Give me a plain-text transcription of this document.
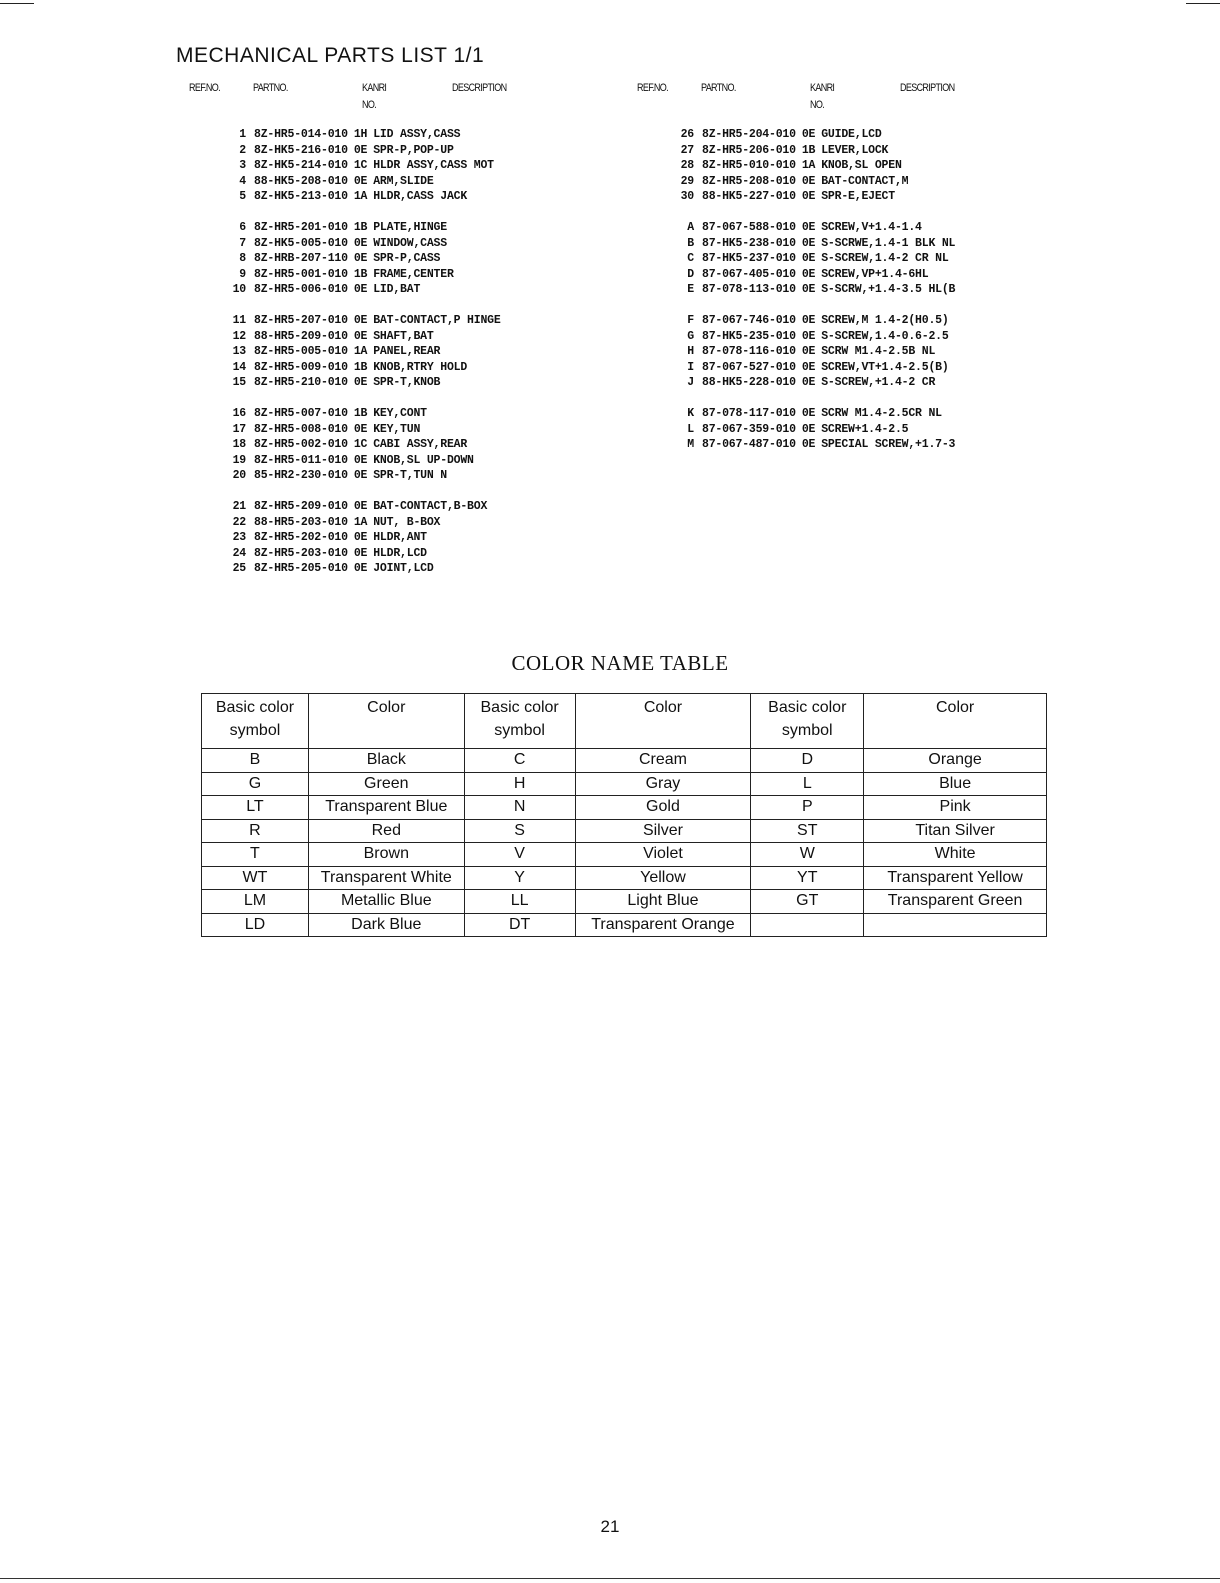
MECHANICAL PARTS LIST 1/1
REF.NO.	PARTNO.	KANRI
NO.
DESCRIPTION	REF.NO.	PARTNO.	KANRI
NO.
DESCRIPTION
1 8Z-HR5-014-010 1H LID ASSY,CASS
2 8Z-HK5-216-010 0E SPR-P,POP-UP
3 8Z-HK5-214-010 1C HLDR ASSY,CASS MOT
4 88-HK5-208-010 0E ARM,SLIDE
5 8Z-HK5-213-010 1A HLDR,CASS JACK
6 8Z-HR5-201-010 1B PLATE,HINGE
7 8Z-HK5-005-010 0E WINDOW,CASS
8 8Z-HRB-207-110 0E SPR-P,CASS
9 8Z-HR5-001-010 1B FRAME,CENTER
10 8Z-HR5-006-010 0E LID,BAT
11 8Z-HR5-207-010 0E BAT-CONTACT,P HINGE
12 88-HR5-209-010 0E SHAFT,BAT
13 8Z-HR5-005-010 1A PANEL,REAR
14 8Z-HR5-009-010 1B KNOB,RTRY HOLD
15 8Z-HR5-210-010 0E SPR-T,KNOB
16 8Z-HR5-007-010 1B KEY,CONT
17 8Z-HR5-008-010 0E KEY,TUN
18 8Z-HR5-002-010 1C CABI ASSY,REAR
19 8Z-HR5-011-010 0E KNOB,SL UP-DOWN
20 85-HR2-230-010 0E SPR-T,TUN N
21 8Z-HR5-209-010 0E BAT-CONTACT,B-BOX
22 88-HR5-203-010 1A NUT, B-BOX
23 8Z-HR5-202-010 0E HLDR,ANT
24 8Z-HR5-203-010 0E HLDR,LCD
25 8Z-HR5-205-010 0E JOINT,LCD
26 8Z-HR5-204-010 0E GUIDE,LCD
27 8Z-HR5-206-010 1B LEVER,LOCK
28 8Z-HR5-010-010 1A KNOB,SL OPEN
29 8Z-HR5-208-010 0E BAT-CONTACT,M
30 88-HK5-227-010 0E SPR-E,EJECT
A 87-067-588-010 0E SCREW,V+1.4-1.4
B 87-HK5-238-010 0E S-SCRWE,1.4-1 BLK NL
C 87-HK5-237-010 0E S-SCREW,1.4-2 CR NL
D 87-067-405-010 0E SCREW,VP+1.4-6HL
E 87-078-113-010 0E S-SCRW,+1.4-3.5 HL(B
F 87-067-746-010 0E SCREW,M 1.4-2(H0.5)
G 87-HK5-235-010 0E S-SCREW,1.4-0.6-2.5
H 87-078-116-010 0E SCRW M1.4-2.5B NL
I 87-067-527-010 0E SCREW,VT+1.4-2.5(B)
J 88-HK5-228-010 0E S-SCREW,+1.4-2 CR
K 87-078-117-010 0E SCRW M1.4-2.5CR NL
L 87-067-359-010 0E SCREW+1.4-2.5
M 87-067-487-010 0E SPECIAL SCREW,+1.7-3
COLOR NAME TABLE
Basic color symbol	Color	Basic color symbol	Color	Basic color symbol	Color
B	Black	C	Cream	D	Orange
G	Green	H	Gray	L	Blue
LT	Transparent Blue	N	Gold	P	Pink
R	Red	S	Silver	ST	Titan Silver
T	Brown	V	Violet	W	White
WT	Transparent White	Y	Yellow	YT	Transparent Yellow
LM	Metallic Blue	LL	Light Blue	GT	Transparent Green
LD	Dark Blue	DT	Transparent Orange		
21
